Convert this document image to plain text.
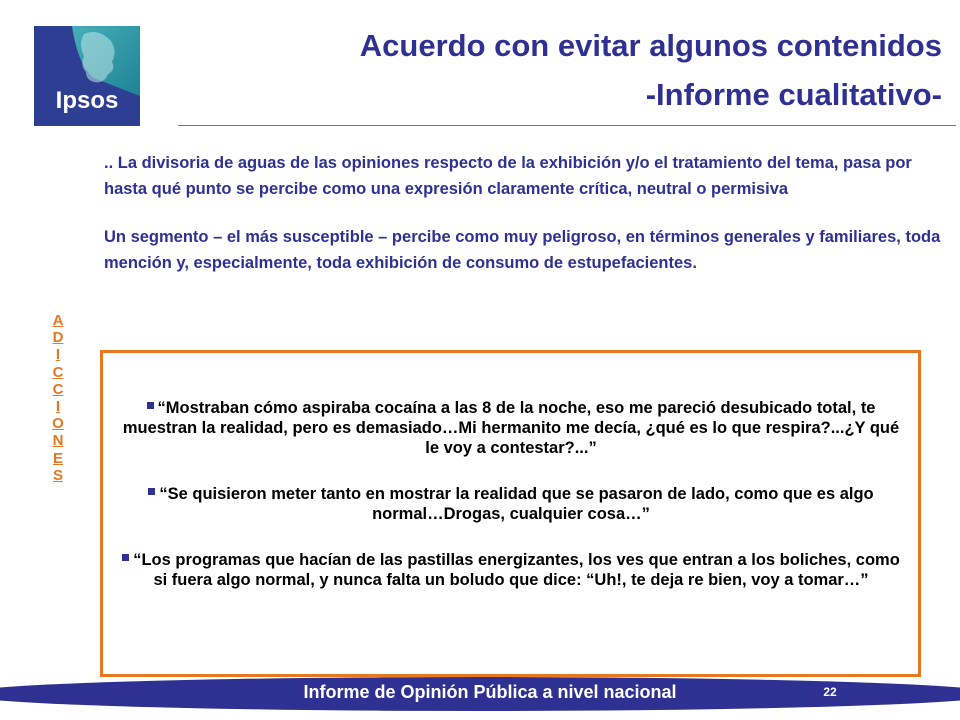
Ipsos
Acuerdo con evitar algunos contenidos
-Informe cualitativo-

.. La divisoria de aguas de las opiniones respecto de la exhibición y/o el tratamiento del tema, pasa por hasta qué punto se percibe como una expresión claramente crítica, neutral o permisiva

Un segmento – el más susceptible – percibe como muy peligroso, en términos generales y familiares, toda mención y, especialmente, toda exhibición de consumo de estupefacientes.

A
D
I
C
C
I
O
N
E
S
“Mostraban cómo aspiraba cocaína a las 8 de la noche, eso me pareció desubicado total, te muestran la realidad, pero es demasiado…Mi hermanito me decía, ¿qué es lo que respira?...¿Y qué le voy a contestar?...”
“Se quisieron meter tanto en mostrar la realidad que se pasaron de lado, como que es algo normal…Drogas, cualquier cosa…”
“Los programas que hacían de las pastillas energizantes, los ves que entran a los boliches, como si fuera algo normal, y nunca falta un boludo que dice: “Uh!, te deja re bien, voy a tomar…”
Informe de Opinión Pública a nivel nacional	22
